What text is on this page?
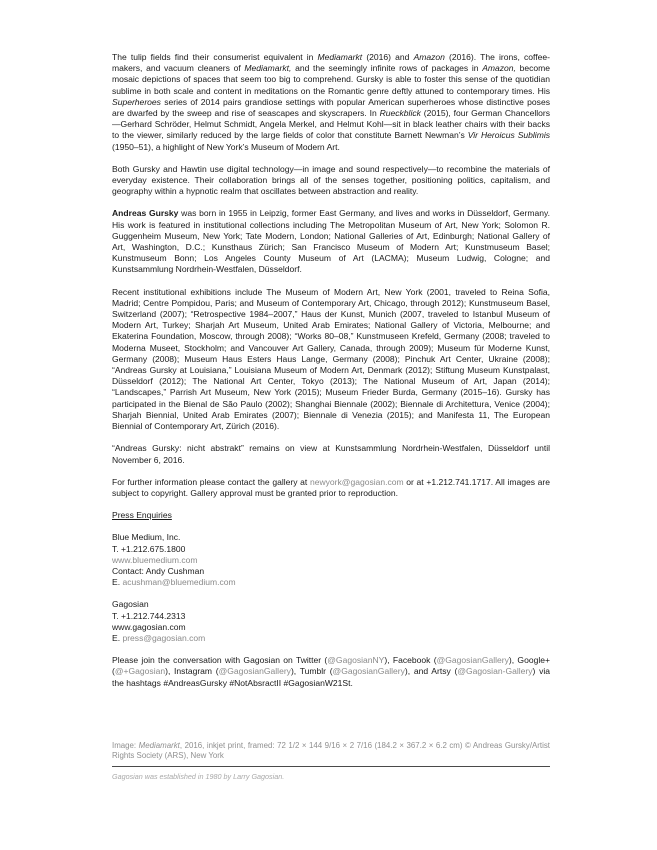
The tulip fields find their consumerist equivalent in Mediamarkt (2016) and Amazon (2016). The irons, coffee-makers, and vacuum cleaners of Mediamarkt, and the seemingly infinite rows of packages in Amazon, become mosaic depictions of spaces that seem too big to comprehend. Gursky is able to foster this sense of the quotidian sublime in both scale and content in meditations on the Romantic genre deftly attuned to contemporary times. His Superheroes series of 2014 pairs grandiose settings with popular American superheroes whose distinctive poses are dwarfed by the sweep and rise of seascapes and skyscrapers. In Rueckblick (2015), four German Chancellors—Gerhard Schröder, Helmut Schmidt, Angela Merkel, and Helmut Kohl—sit in black leather chairs with their backs to the viewer, similarly reduced by the large fields of color that constitute Barnett Newman’s Vir Heroicus Sublimis (1950–51), a highlight of New York’s Museum of Modern Art.

Both Gursky and Hawtin use digital technology—in image and sound respectively—to recombine the materials of everyday existence. Their collaboration brings all of the senses together, positioning politics, capitalism, and geography within a hypnotic realm that oscillates between abstraction and reality.

Andreas Gursky was born in 1955 in Leipzig, former East Germany, and lives and works in Düsseldorf, Germany. His work is featured in institutional collections including The Metropolitan Museum of Art, New York; Solomon R. Guggenheim Museum, New York; Tate Modern, London; National Galleries of Art, Edinburgh; National Gallery of Art, Washington, D.C.; Kunsthaus Zürich; San Francisco Museum of Modern Art; Kunstmuseum Basel; Kunstmuseum Bonn; Los Angeles County Museum of Art (LACMA); Museum Ludwig, Cologne; and Kunstsammlung Nordrhein-Westfalen, Düsseldorf.

Recent institutional exhibitions include The Museum of Modern Art, New York (2001, traveled to Reina Sofia, Madrid; Centre Pompidou, Paris; and Museum of Contemporary Art, Chicago, through 2012); Kunstmuseum Basel, Switzerland (2007); “Retrospective 1984–2007,” Haus der Kunst, Munich (2007, traveled to Istanbul Museum of Modern Art, Turkey; Sharjah Art Museum, United Arab Emirates; National Gallery of Victoria, Melbourne; and Ekaterina Foundation, Moscow, through 2008); “Works 80–08,” Kunstmuseen Krefeld, Germany (2008; traveled to Moderna Museet, Stockholm; and Vancouver Art Gallery, Canada, through 2009); Museum für Moderne Kunst, Germany (2008); Museum Haus Esters Haus Lange, Germany (2008); Pinchuk Art Center, Ukraine (2008); “Andreas Gursky at Louisiana,” Louisiana Museum of Modern Art, Denmark (2012); Stiftung Museum Kunstpalast, Düsseldorf (2012); The National Art Center, Tokyo (2013); The National Museum of Art, Japan (2014); “Landscapes,” Parrish Art Museum, New York (2015); Museum Frieder Burda, Germany (2015–16). Gursky has participated in the Bienal de São Paulo (2002); Shanghai Biennale (2002); Biennale di Architettura, Venice (2004); Sharjah Biennial, United Arab Emirates (2007); Biennale di Venezia (2015); and Manifesta 11, The European Biennial of Contemporary Art, Zürich (2016).

“Andreas Gursky: nicht abstrakt” remains on view at Kunstsammlung Nordrhein-Westfalen, Düsseldorf until November 6, 2016.

For further information please contact the gallery at newyork@gagosian.com or at +1.212.741.1717. All images are subject to copyright. Gallery approval must be granted prior to reproduction.

Press Enquiries

Blue Medium, Inc.

T. +1.212.675.1800

www.bluemedium.com

Contact: Andy Cushman

E. acushman@bluemedium.com

Gagosian

T. +1.212.744.2313

www.gagosian.com

E. press@gagosian.com

Please join the conversation with Gagosian on Twitter (@GagosianNY), Facebook (@GagosianGallery), Google+ (@+Gagosian), Instagram (@GagosianGallery), Tumblr (@GagosianGallery), and Artsy (@Gagosian-Gallery) via the hashtags #AndreasGursky #NotAbsractII #GagosianW21St.

Image: Mediamarkt, 2016, inkjet print, framed: 72 1/2 × 144 9/16 × 2 7/16 (184.2 × 367.2 × 6.2 cm) © Andreas Gursky/Artist Rights Society (ARS), New York

Gagosian was established in 1980 by Larry Gagosian.
